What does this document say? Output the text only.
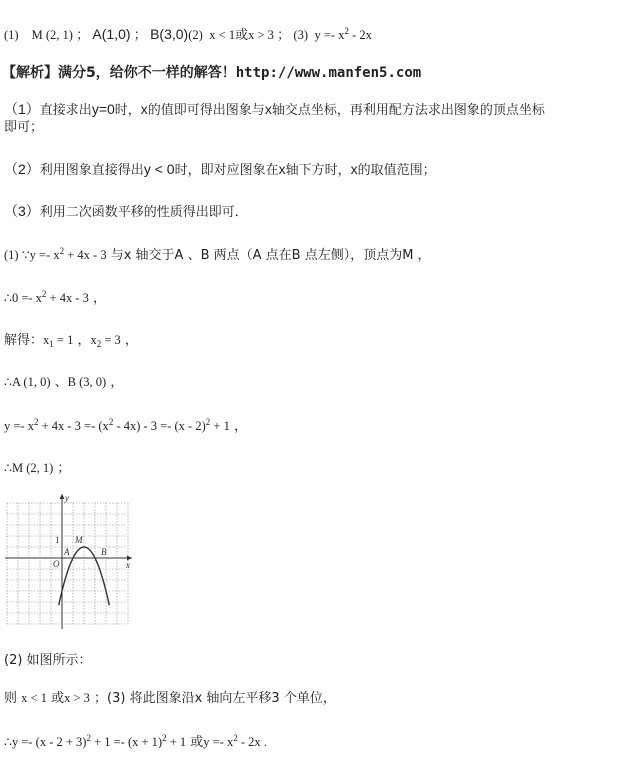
(1) M (2, 1) ； A(1,0) ； B(3,0)(2) x < 1或x > 3 ； (3) $y =- x^2 - 2x$
【解析】满分5，给你不一样的解答！http://www.manfen5.com
（1）直接求出y=0时，x的值即可得出图象与x轴交点坐标，再利用配方法求出图象的顶点坐标
即可；
（2）利用图象直接得出y < 0时，即对应图象在x轴下方时，x的取值范围；
（3）利用二次函数平移的性质得出即可．
(1) ∵y =- $x^2 + 4x - 3$ 与x 轴交于A 、B 两点（A 点在B 点左侧），顶点为M ，
∴0 =- $x^2 + 4x - 3$ ，
解得：$x_1 = 1$ ，$x_2 = 3$ ，
∴A (1, 0) 、B (3, 0) ，
$y =- x^2 + 4x - 3 =- (x^2 - 4x) - 3 =- (x - 2)^2 + 1$ ，
∴M (2, 1) ；
y
x
O
1
A
M
B
(2) 如图所示：
则 x < 1 或x > 3 ；(3) 将此图象沿x 轴向左平移3 个单位，
∴y =- $(x - 2 + 3)^2 + 1 =- (x + 1)^2 + 1$ 或$y =- x^2 - 2x$ .
